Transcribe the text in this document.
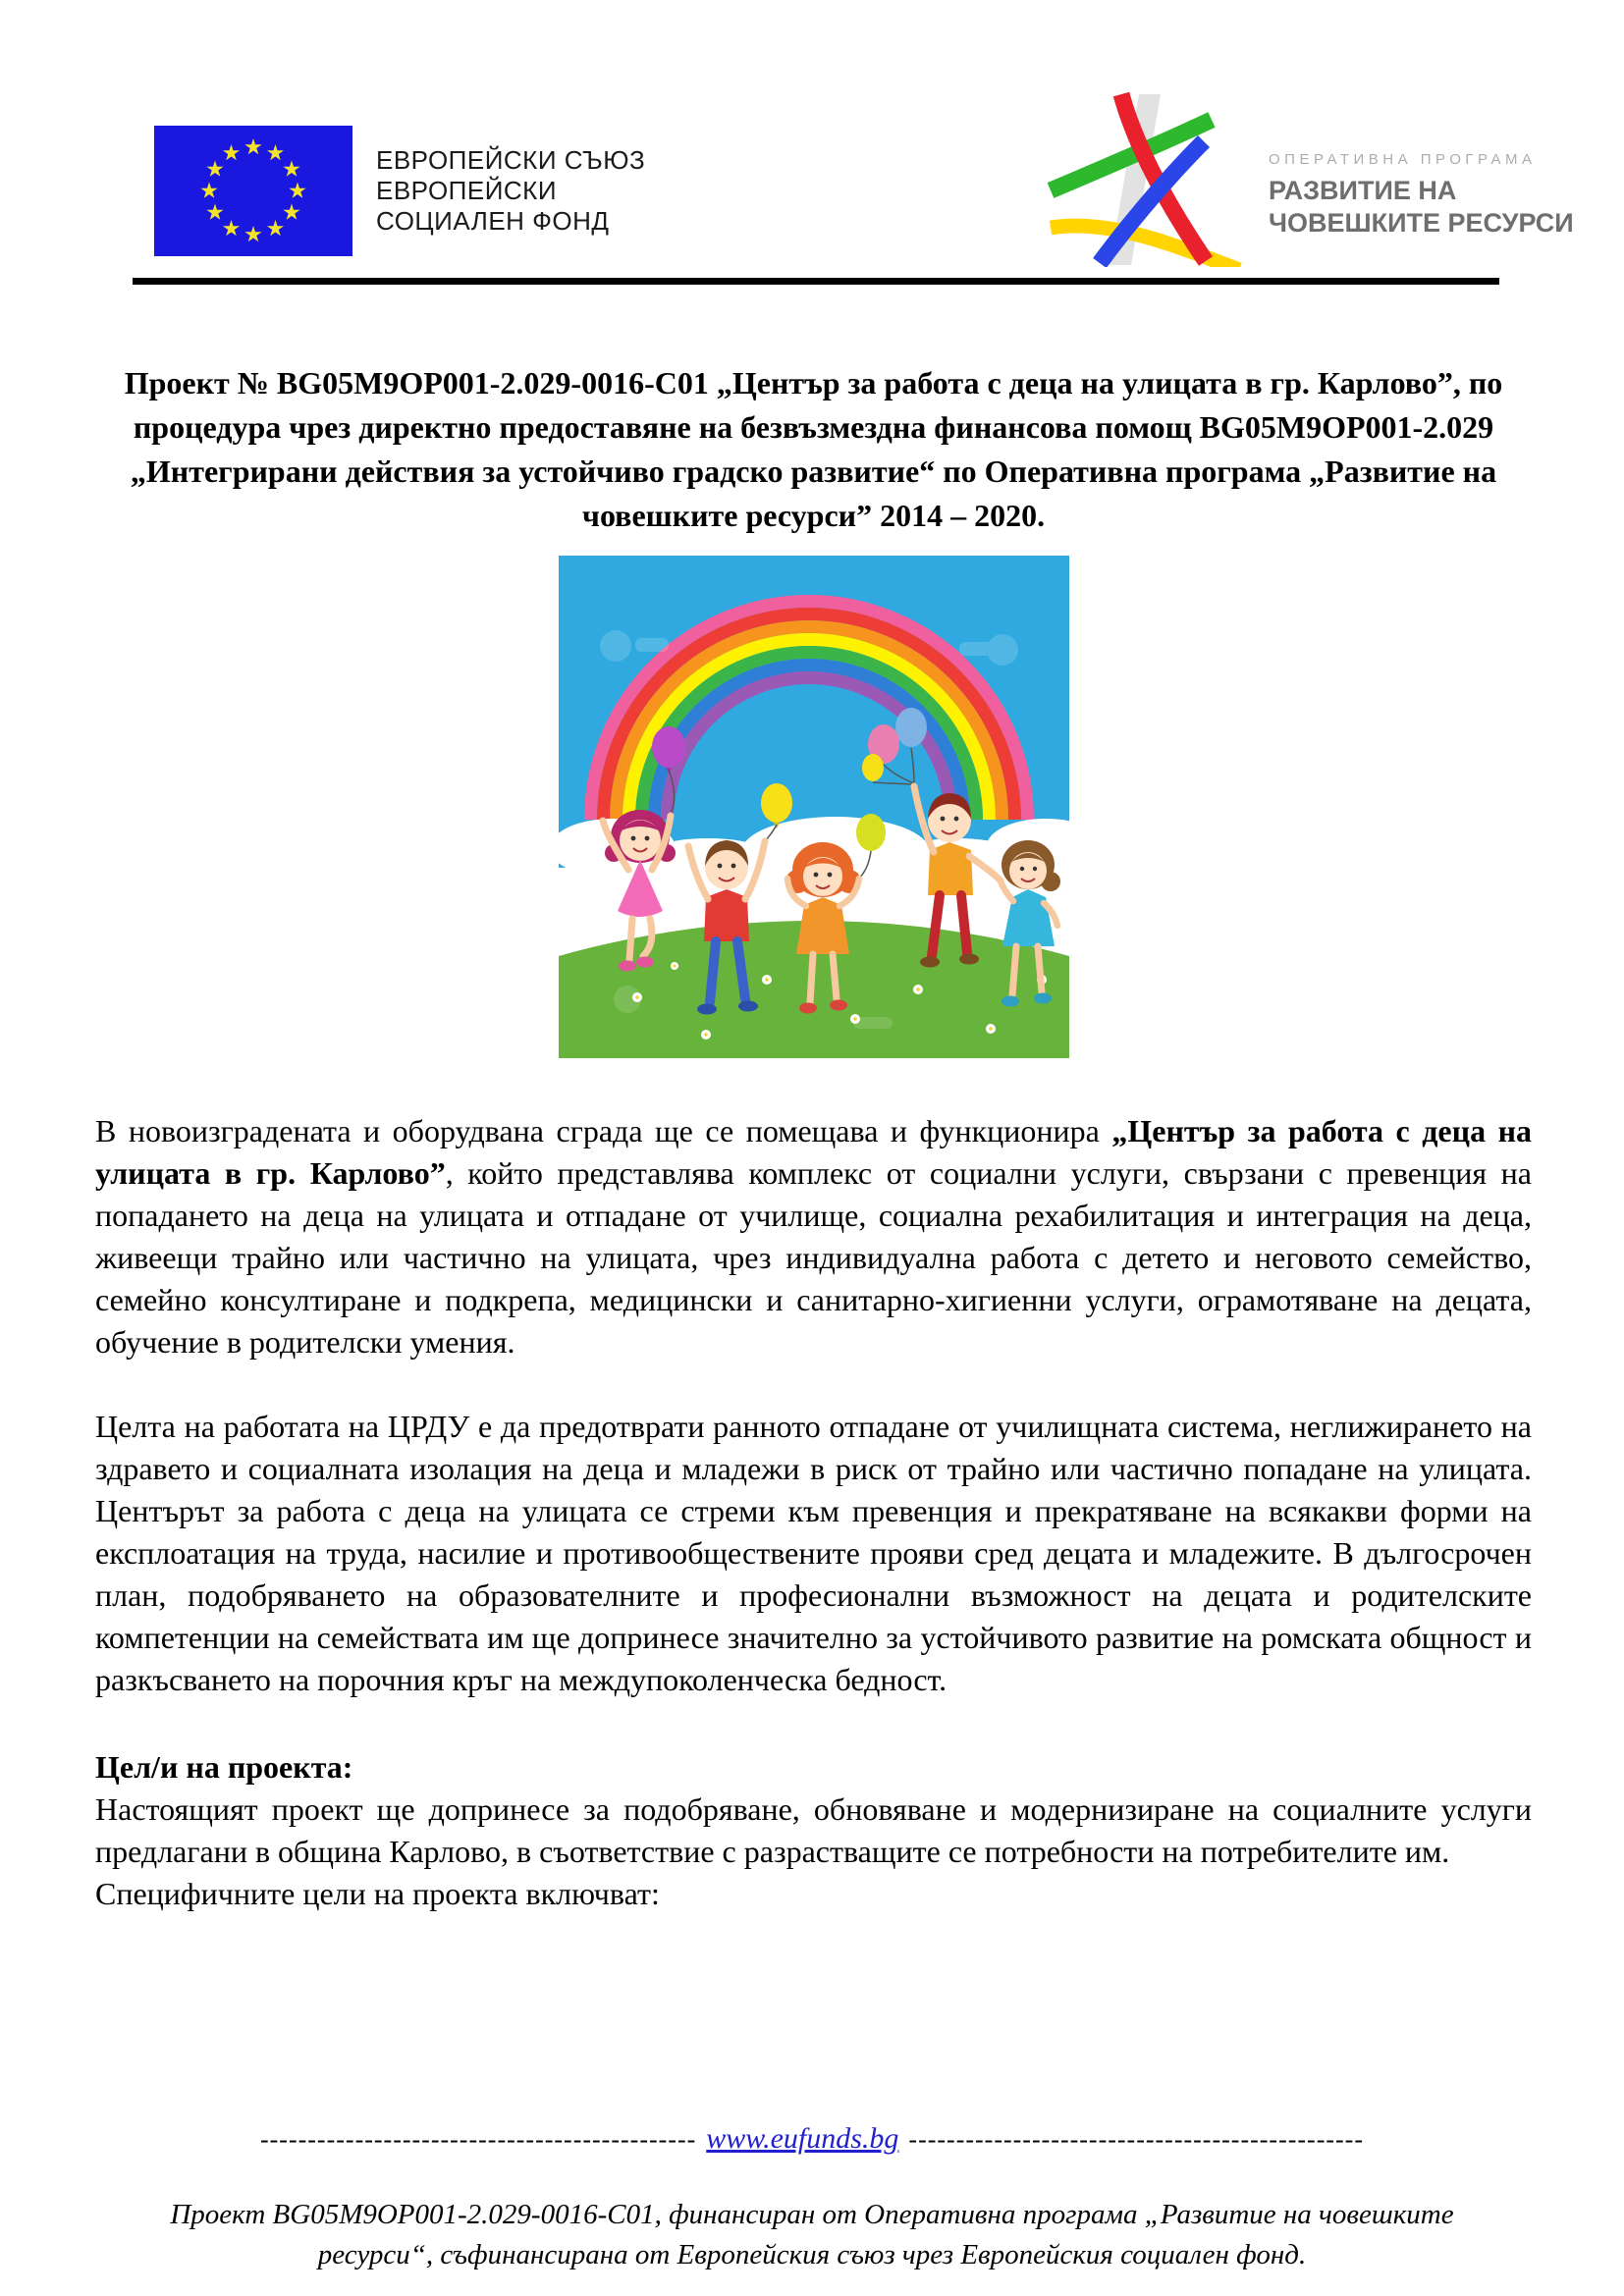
ЕВРОПЕЙСКИ СЪЮЗ
ЕВРОПЕЙСКИ
СОЦИАЛЕН ФОНД
ОПЕРАТИВНА ПРОГРАМА
РАЗВИТИЕ НА
ЧОВЕШКИТЕ РЕСУРСИ
Проект № BG05M9OP001-2.029-0016-C01 „Център за работа с деца на улицата в гр. Карлово”, по процедура чрез директно предоставяне на безвъзмездна финансова помощ BG05M9OP001-2.029 „Интегрирани действия за устойчиво градско развитие“ по Оперативна програма „Развитие на човешките ресурси” 2014 – 2020.

В новоизградената и оборудвана сграда ще се помещава и функционира „Център за работа с деца на улицата в гр. Карлово”, който представлява комплекс от социални услуги, свързани с превенция на попадането на деца на улицата и отпадане от училище, социална рехабилитация и интеграция на деца, живеещи трайно или частично на улицата, чрез индивидуална работа с детето и неговото семейство, семейно консултиране и подкрепа, медицински и санитарно-хигиенни услуги, ограмотяване на децата, обучение в родителски умения.

Целта на работата на ЦРДУ е да предотврати ранното отпадане от училищната система, неглижирането на здравето и социалната изолация на деца и младежи в риск от трайно или частично попадане на улицата. Центърът за работа с деца на улицата се стреми към превенция и прекратяване на всякакви форми на експлоатация на труда, насилие и противообществените прояви сред децата и младежите. В дългосрочен план, подобряването на образователните и професионални възможност на децата и родителските компетенции на семействата им ще допринесе значително за устойчивото развитие на ромската общност и разкъсването на порочния кръг на междупоколенческа бедност.

Цел/и на проекта:

Настоящият проект ще допринесе за подобряване, обновяване и модернизиране на социалните услуги предлагани в община Карлово, в съответствие с разрастващите се потребности на потребителите им.

Специфичните цели на проекта включват:

---------------------------------------------- www.eufunds.bg ------------------------------------------------
Проект BG05M9OP001-2.029-0016-C01, финансиран от Оперативна програма „Развитие на човешките
ресурси“, съфинансирана от Европейския съюз чрез Европейския социален фонд.
